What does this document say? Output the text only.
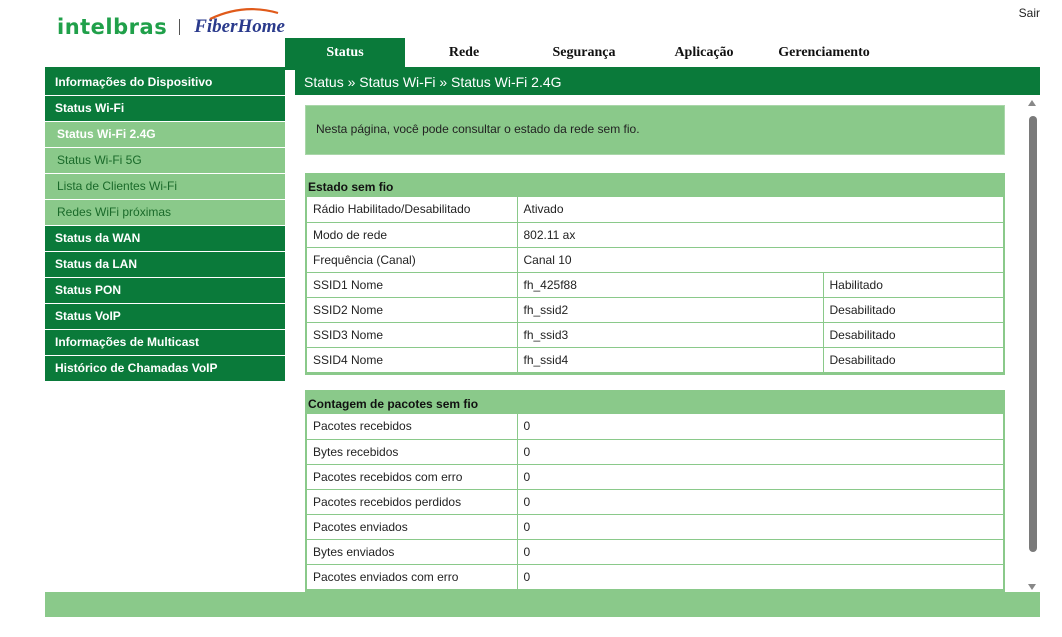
intelbras FiberHome
Sair
Status	Rede	Segurança	Aplicação	Gerenciamento
Informações do Dispositivo
Status Wi-Fi
Status Wi-Fi 2.4G
Status Wi-Fi 5G
Lista de Clientes Wi-Fi
Redes WiFi próximas
Status da WAN
Status da LAN
Status PON
Status VoIP
Informações de Multicast
Histórico de Chamadas VoIP
Status » Status Wi-Fi » Status Wi-Fi 2.4G
Nesta página, você pode consultar o estado da rede sem fio.
Estado sem fio
Rádio Habilitado/Desabilitado	Ativado	
Modo de rede	802.11 ax	
Frequência (Canal)	Canal 10	
SSID1 Nome	fh_425f88	Habilitado
SSID2 Nome	fh_ssid2	Desabilitado
SSID3 Nome	fh_ssid3	Desabilitado
SSID4 Nome	fh_ssid4	Desabilitado
Contagem de pacotes sem fio
Pacotes recebidos	0
Bytes recebidos	0
Pacotes recebidos com erro	0
Pacotes recebidos perdidos	0
Pacotes enviados	0
Bytes enviados	0
Pacotes enviados com erro	0
